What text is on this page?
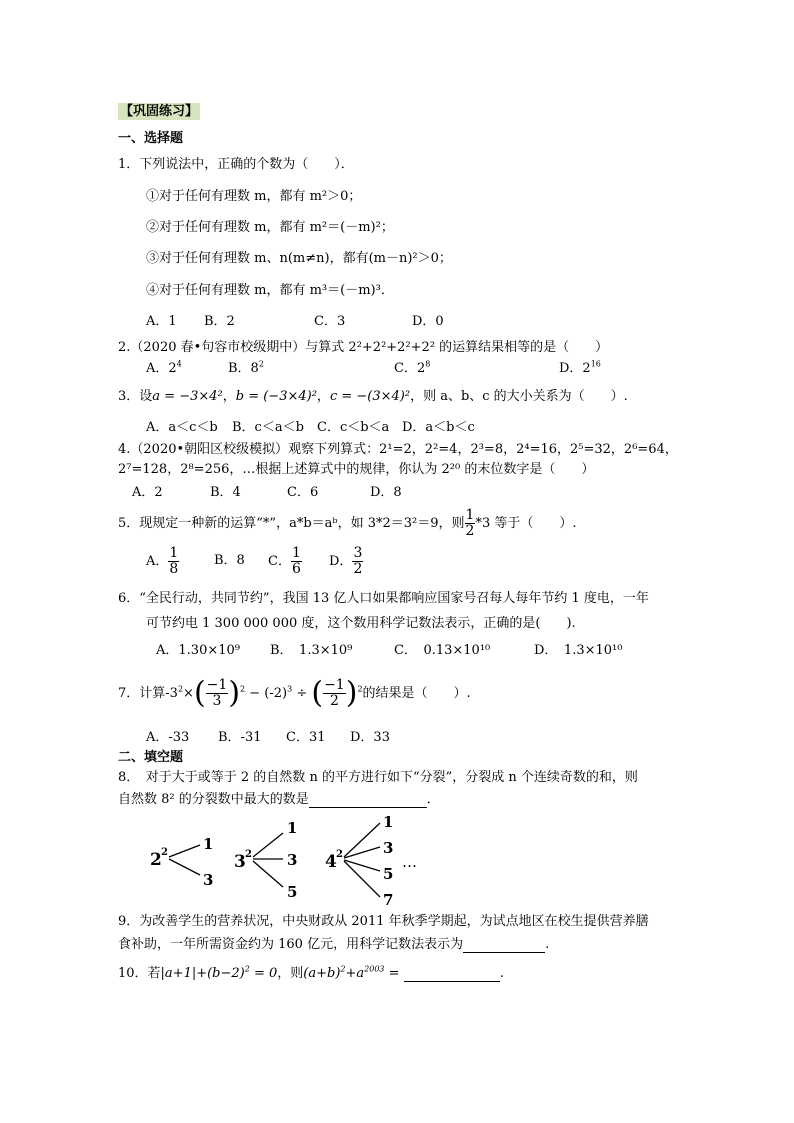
【巩固练习】
一、选择题
1．下列说法中，正确的个数为（　　）．
①对于任何有理数 m，都有 m²＞0；
②对于任何有理数 m，都有 m²＝(－m)²；
③对于任何有理数 m、n(m≠n)，都有(m－n)²＞0；
④对于任何有理数 m，都有 m³＝(－m)³．
A．1 B．2	C．3	D．0
2.（2020 春•句容市校级期中）与算式 2²+2²+2²+2² 的运算结果相等的是（　　）
A．$2^4$	B．$8^2$	C．$2^8$	D．$2^{16}$
3．设a = −3×4²，b = (−3×4)²，c = −(3×4)²，则 a、b、c 的大小关系为（　　）.
A．a＜c＜b B．c＜a＜b C．c＜b＜a D．a＜b＜c
4.（2020•朝阳区校级模拟）观察下列算式：2¹=2，2²=4，2³=8，2⁴=16，2⁵=32，2⁶=64，
2⁷=128，2⁸=256，…根据上述算式中的规律，你认为 2²⁰ 的末位数字是（　　）
A．2	B．4	C．6	D．8
5．现规定一种新的运算“*”，a*b＝aᵇ，如 3*2＝3²＝9，则 $\frac{1}{2} *3$ 等于（　　）.
A． $\frac{1}{8}$	B．8 C． $\frac{1}{6}$ D． $\frac{3}{2}$
6．“全民行动，共同节约”，我国 13 亿人口如果都响应国家号召每人每年节约 1 度电，一年
可节约电 1 300 000 000 度，这个数用科学记数法表示，正确的是(　　).
A．1.30×10⁹ B．　1.3×10⁹	C．　0.13×10¹⁰	D．　1.3×10¹⁰
7．计算$-3^2\times( \frac{-1}{3} )^2 - (-2)^3$ ÷ ( $\frac{-1}{2} )^2$的结果是（　　）.
A．-33 B．-31 C．31 D．33
二、填空题
8．　对于大于或等于 2 的自然数 n 的平方进行如下“分裂”，分裂成 n 个连续奇数的和，则
自然数 8² 的分裂数中最大的数是	．
2 2 1
3
3 2
1
3
5
4 2
1
3
5
7
…
9．为改善学生的营养状况，中央财政从 2011 年秋季学期起，为试点地区在校生提供营养膳
食补助，一年所需资金约为 160 亿元，用科学记数法表示为	.
10．若$|a+1|+(b-2)^2 = 0$，则$(a+b)^2+a^{2003}$ =	.
